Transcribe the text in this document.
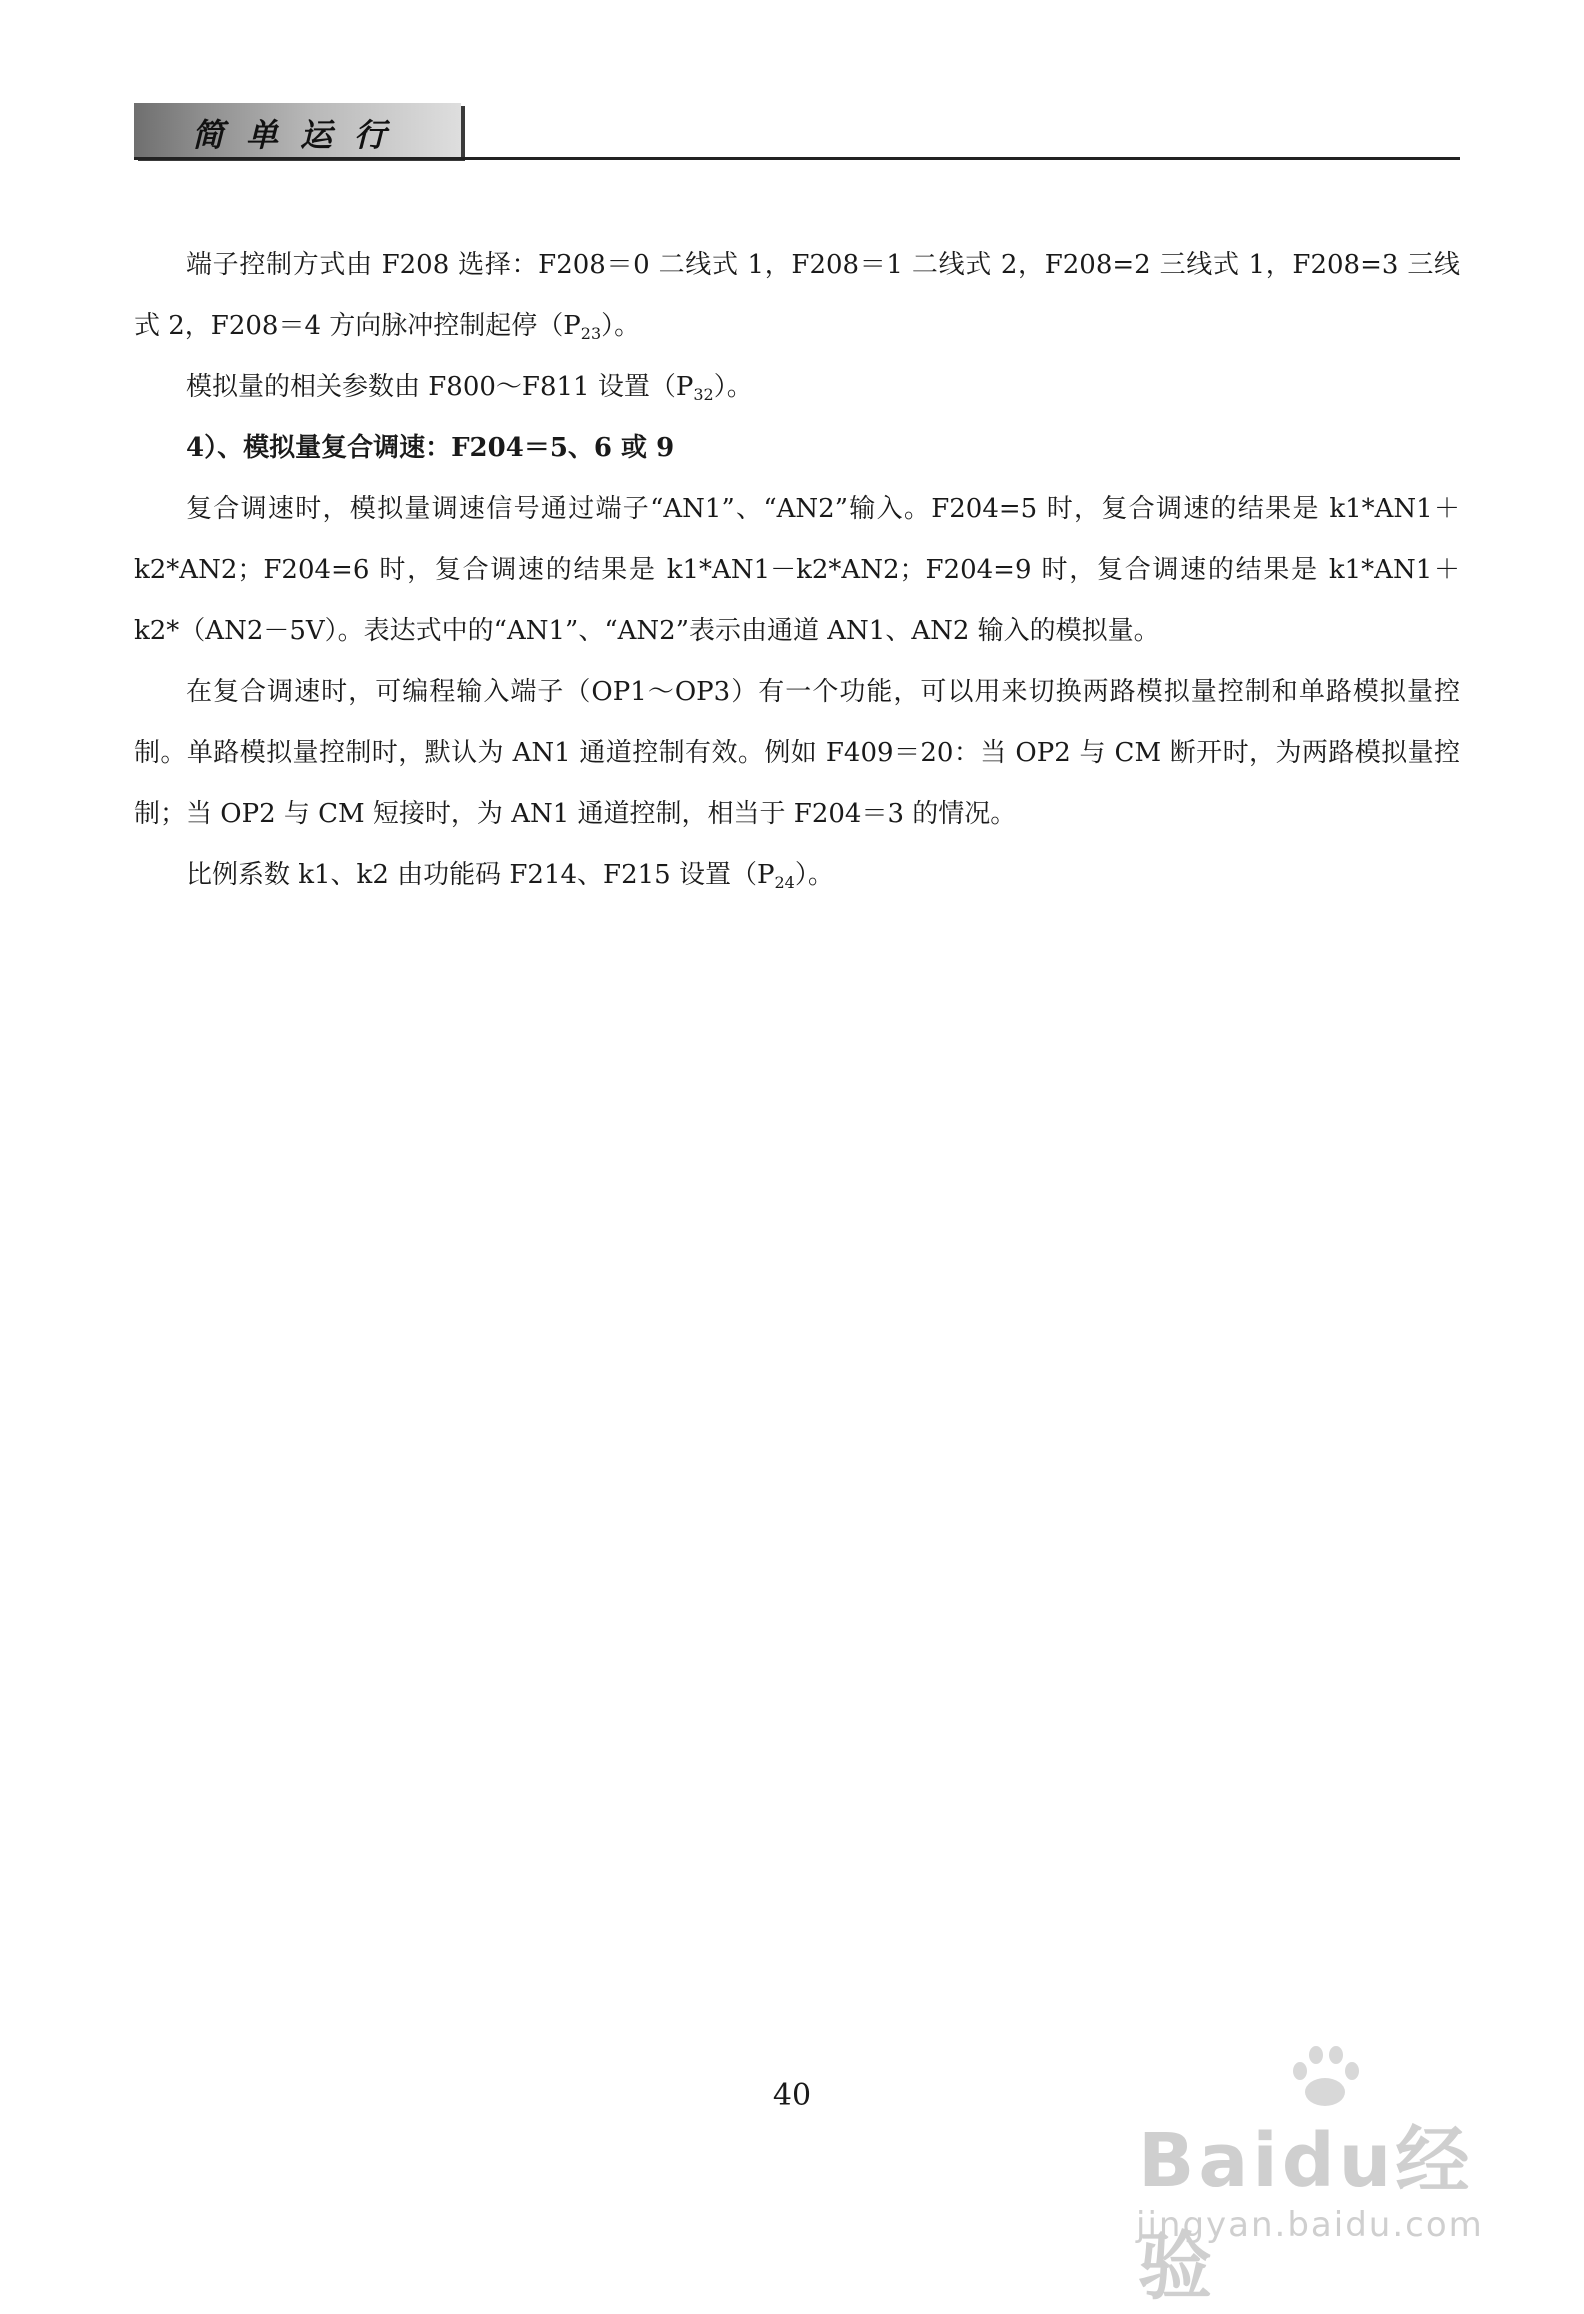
简单运行

端子控制方式由 F208 选择：F208＝0 二线式 1，F208＝1 二线式 2，F208=2 三线式 1，F208=3 三线式 2，F208＝4 方向脉冲控制起停$(P_{23})$。

模拟量的相关参数由 F800～F811 设置$(P_{32})$。

4）、模拟量复合调速：F204＝5、6 或 9

复合调速时，模拟量调速信号通过端子“AN1”、“AN2”输入。F204=5 时，复合调速的结果是 k1*AN1＋k2*AN2；F204=6 时，复合调速的结果是 k1*AN1－k2*AN2；F204=9 时，复合调速的结果是 k1*AN1＋k2*（AN2－5V）。表达式中的“AN1”、“AN2”表示由通道 AN1、AN2 输入的模拟量。

在复合调速时，可编程输入端子（OP1～OP3）有一个功能，可以用来切换两路模拟量控制和单路模拟量控制。单路模拟量控制时，默认为 AN1 通道控制有效。例如 F409＝20：当 OP2 与 CM 断开时，为两路模拟量控制；当 OP2 与 CM 短接时，为 AN1 通道控制，相当于 F204＝3 的情况。

比例系数 k1、k2 由功能码 F214、F215 设置$(P_{24})$。

40
Baidu经验
jingyan.baidu.com
